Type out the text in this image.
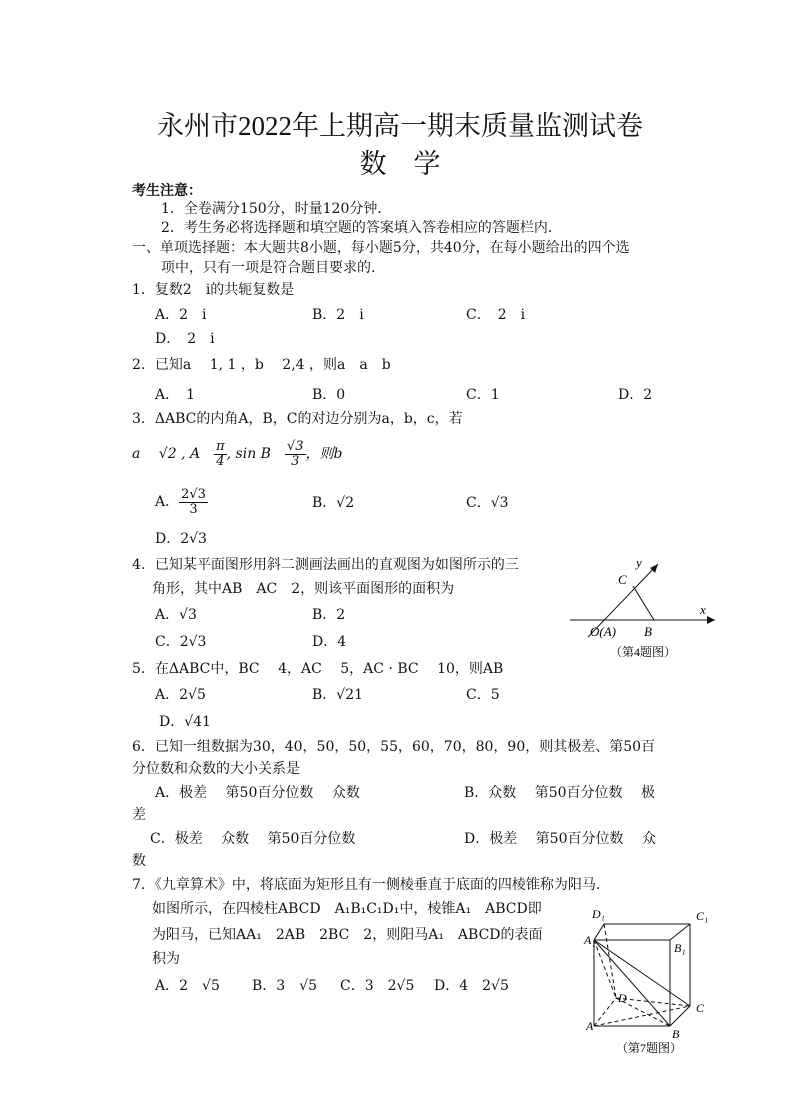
永州市2022年上期高一期末质量监测试卷
数　学
考生注意：
1．全卷满分150分，时量120分钟．
2．考生务必将选择题和填空题的答案填入答卷相应的答题栏内．
一、单项选择题：本大题共8小题，每小题5分，共40分，在每小题给出的四个选
项中，只有一项是符合题目要求的.
1．复数2　i的共轭复数是
A．2　i	B．2　i	C．　2　i
D．　2　i
2．已知a　 1, 1 ，b　 2,4 ，则a　a　b　 　
A．　1	B．0	C．1	D．2
3．ΔABC的内角A，B，C的对边分别为a，b，c，若
a　 √2 , A　 $\frac{\pi}{4}$ , sin B　 $\frac{√3}{3}$ ，则b　
A． $\frac{2√3}{3}$	B．√2	C．√3
D．2√3
4．已知某平面图形用斜二测画法画出的直观图为如图所示的三
角形，其中AB　AC　2，则该平面图形的面积为
A．√3	B．2
C．2√3	D．4
y
C
x
O(A) B
（第4题图）
5．在ΔABC中，BC　 4，AC　 5，AC · BC　 10，则AB　
A．2√5	B．√21	C．5
D．√41
6．已知一组数据为30，40，50，50，55，60，70，80，90，则其极差、第50百
分位数和众数的大小关系是
A．极差 　第50百分位数 　众数	B．众数 　第50百分位数 　极
差
C．极差 　众数 　第50百分位数	D．极差 　第50百分位数 　众
数
7．《九章算术》中，将底面为矩形且有一侧棱垂直于底面的四棱锥称为阳马．
如图所示，在四棱柱ABCD　A₁B₁C₁D₁中，棱锥A₁　ABCD即
为阳马，已知AA₁　2AB　2BC　2，则阳马A₁　ABCD的表面
积为
A．2　√5 B．3　√5 C．3　2√5 D．4　2√5
D₁	C₁
A₁
B₁
D
C
A
B
（第7题图）
